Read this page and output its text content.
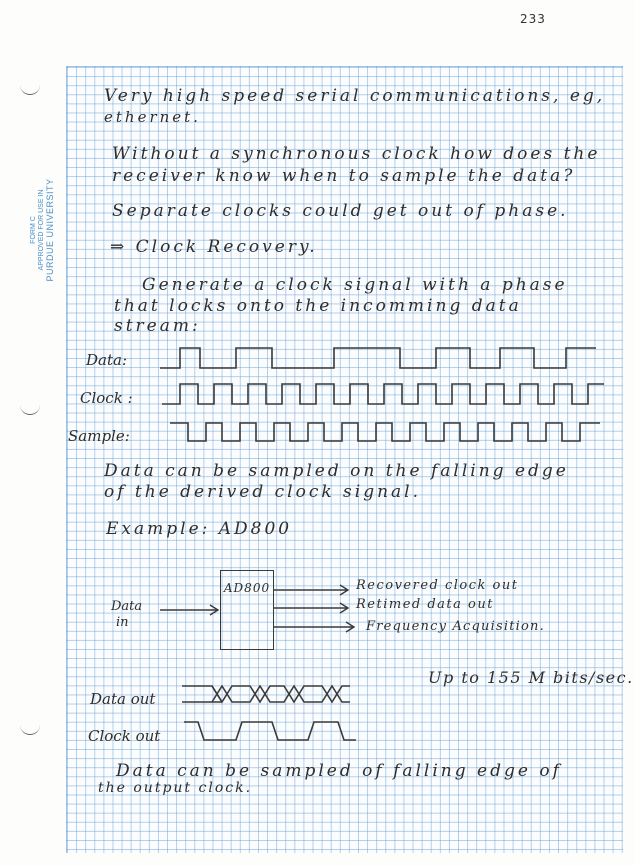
233
FORM C APPROVED FOR USE IN PURDUE UNIVERSITY
Very high speed serial communications, eg,
ethernet.
Without a synchronous clock how does the
receiver know when to sample the data?
Separate clocks could get out of phase.
⇒ Clock Recovery.
Generate a clock signal with a phase
that locks onto the incomming data
stream:
Data:
Clock :
Sample:
Data can be sampled on the falling edge
of the derived clock signal.
Example: AD800
Data
in
AD800	Recovered clock out
Retimed data out
Frequency Acquisition.
Up to 155 M bits/sec.
Data out
Clock out
Data can be sampled of falling edge of
the output clock.
